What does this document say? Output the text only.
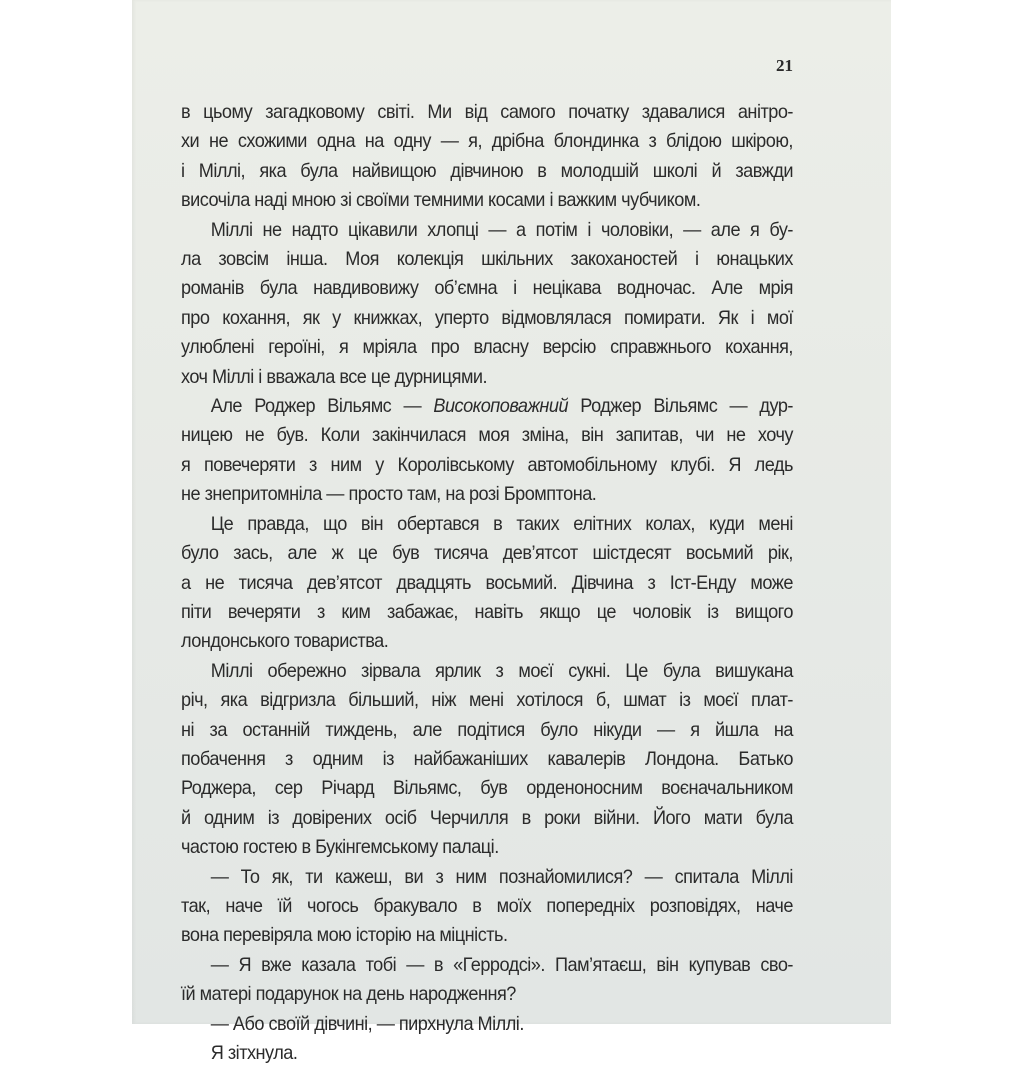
21

в цьому загадковому світі. Ми від самого початку здавалися анітро-
хи не схожими одна на одну — я, дрібна блондинка з блідою шкірою,
і Міллі, яка була найвищою дівчиною в молодшій школі й завжди
височіла наді мною зі своїми темними косами і важким чубчиком.

Міллі не надто цікавили хлопці — а потім і чоловіки, — але я бу-
ла зовсім інша. Моя колекція шкільних закоханостей і юнацьких
романів була навдивовижу об’ємна і нецікава водночас. Але мрія
про кохання, як у книжках, уперто відмовлялася помирати. Як і мої
улюблені героїні, я мріяла про власну версію справжнього кохання,
хоч Міллі і вважала все це дурницями.

Але Роджер Вільямс — Високоповажний Роджер Вільямс — дур-
ницею не був. Коли закінчилася моя зміна, він запитав, чи не хочу
я повечеряти з ним у Королівському автомобільному клубі. Я ледь
не знепритомніла — просто там, на розі Бромптона.

Це правда, що він обертався в таких елітних колах, куди мені
було зась, але ж це був тисяча дев’ятсот шістдесят восьмий рік,
а не тисяча дев’ятсот двадцять восьмий. Дівчина з Іст-Енду може
піти вечеряти з ким забажає, навіть якщо це чоловік із вищого
лондонського товариства.

Міллі обережно зірвала ярлик з моєї сукні. Це була вишукана
річ, яка відгризла більший, ніж мені хотілося б, шмат із моєї плат-
ні за останній тиждень, але подітися було нікуди — я йшла на
побачення з одним із найбажаніших кавалерів Лондона. Батько
Роджера, сер Річард Вільямс, був орденоносним воєначальником
й одним із довірених осіб Черчилля в роки війни. Його мати була
частою гостею в Букінгемському палаці.

— То як, ти кажеш, ви з ним познайомилися? — спитала Міллі
так, наче їй чогось бракувало в моїх попередніх розповідях, наче
вона перевіряла мою історію на міцність.

— Я вже казала тобі — в «Герродсі». Пам’ятаєш, він купував сво-
їй матері подарунок на день народження?

— Або своїй дівчині, — пирхнула Міллі.

Я зітхнула.
